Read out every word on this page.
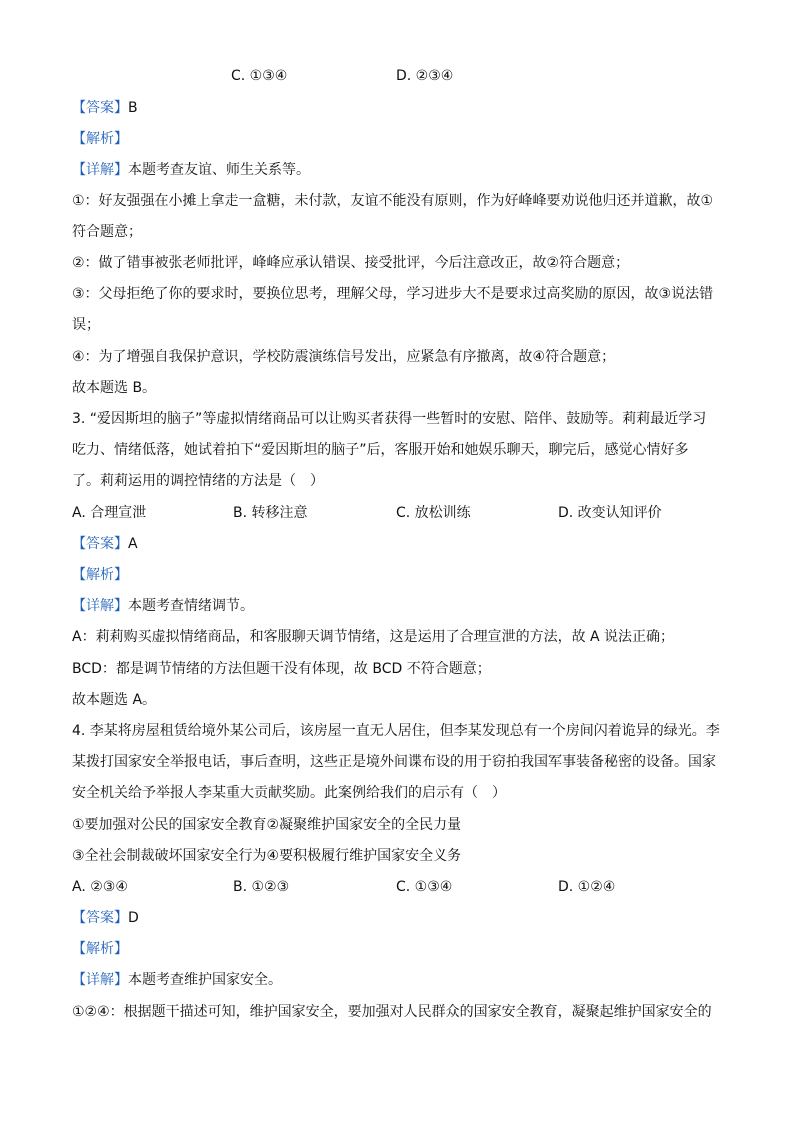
C. ①③④	D. ②③④
【答案】B
【解析】
【详解】本题考查友谊、师生关系等。
①：好友强强在小摊上拿走一盒糖，未付款，友谊不能没有原则，作为好峰峰要劝说他归还并道歉，故①
符合题意；
②：做了错事被张老师批评，峰峰应承认错误、接受批评，今后注意改正，故②符合题意；
③：父母拒绝了你的要求时，要换位思考，理解父母，学习进步大不是要求过高奖励的原因，故③说法错
误；
④：为了增强自我保护意识，学校防震演练信号发出，应紧急有序撤离，故④符合题意；
故本题选 B。
3. “爱因斯坦的脑子”等虚拟情绪商品可以让购买者获得一些暂时的安慰、陪伴、鼓励等。莉莉最近学习
吃力、情绪低落，她试着拍下“爱因斯坦的脑子”后，客服开始和她娱乐聊天，聊完后，感觉心情好多
了。莉莉运用的调控情绪的方法是（　）
A. 合理宣泄	B. 转移注意	C. 放松训练	D. 改变认知评价
【答案】A
【解析】
【详解】本题考查情绪调节。
A：莉莉购买虚拟情绪商品，和客服聊天调节情绪，这是运用了合理宣泄的方法，故 A 说法正确；
BCD：都是调节情绪的方法但题干没有体现，故 BCD 不符合题意；
故本题选 A。
4. 李某将房屋租赁给境外某公司后，该房屋一直无人居住，但李某发现总有一个房间闪着诡异的绿光。李
某拨打国家安全举报电话，事后查明，这些正是境外间谍布设的用于窃拍我国军事装备秘密的设备。国家
安全机关给予举报人李某重大贡献奖励。此案例给我们的启示有（　）
①要加强对公民的国家安全教育②凝聚维护国家安全的全民力量
③全社会制裁破坏国家安全行为④要积极履行维护国家安全义务
A. ②③④	B. ①②③	C. ①③④	D. ①②④
【答案】D
【解析】
【详解】本题考查维护国家安全。
①②④：根据题干描述可知，维护国家安全，要加强对人民群众的国家安全教育，凝聚起维护国家安全的
